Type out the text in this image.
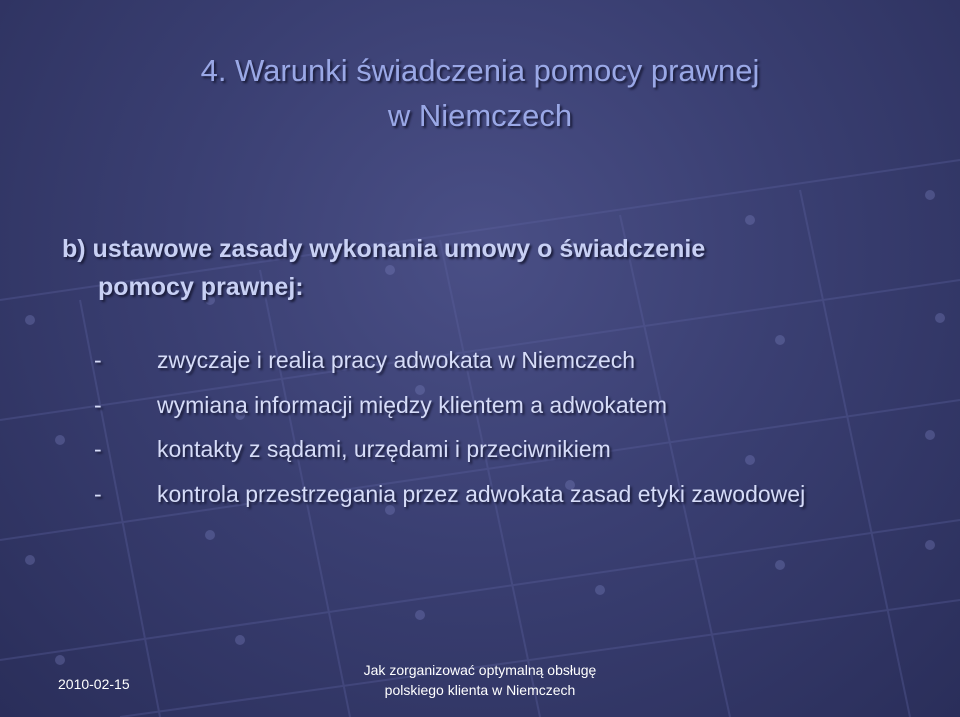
4. Warunki świadczenia pomocy prawnej
w Niemczech
b) ustawowe zasady wykonania umowy o świadczenie
pomocy prawnej:
- zwyczaje i realia pracy adwokata w Niemczech
- wymiana informacji między klientem a adwokatem
- kontakty z sądami, urzędami i przeciwnikiem
- kontrola przestrzegania przez adwokata zasad etyki zawodowej
2010-02-15
Jak zorganizować optymalną obsługę
polskiego klienta w Niemczech
